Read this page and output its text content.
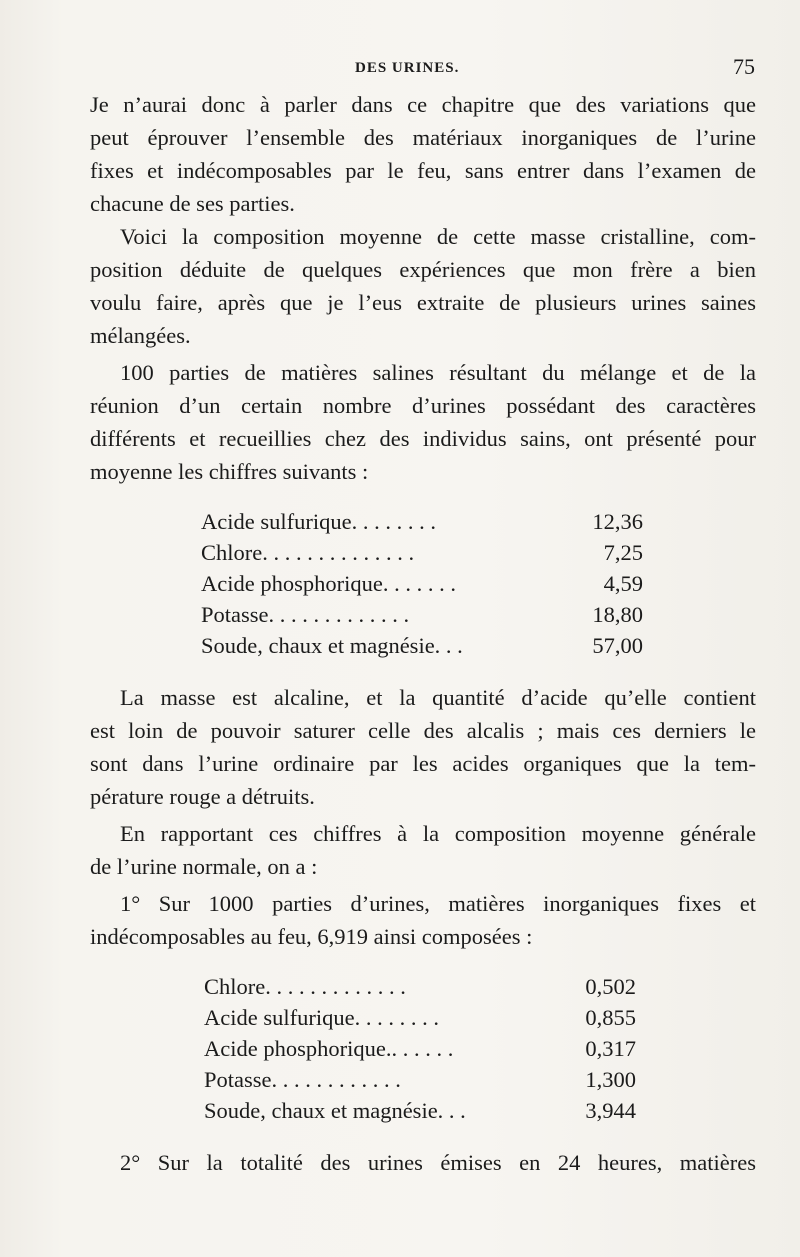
DES URINES.	75
Je n’aurai donc à parler dans ce chapitre que des variations que
peut éprouver l’ensemble des matériaux inorganiques de l’urine
fixes et indécomposables par le feu, sans entrer dans l’examen de
chacune de ses parties.
Voici la composition moyenne de cette masse cristalline, com-
position déduite de quelques expériences que mon frère a bien
voulu faire, après que je l’eus extraite de plusieurs urines saines
mélangées.
100 parties de matières salines résultant du mélange et de la
réunion d’un certain nombre d’urines possédant des caractères
différents et recueillies chez des individus sains, ont présenté pour
moyenne les chiffres suivants :
Acide sulfurique. . . . . . . .	12,36
Chlore. . . . . . . . . . . . . .	7,25
Acide phosphorique. . . . . . .	4,59
Potasse. . . . . . . . . . . . .	18,80
Soude, chaux et magnésie. . .	57,00
La masse est alcaline, et la quantité d’acide qu’elle contient
est loin de pouvoir saturer celle des alcalis ; mais ces derniers le
sont dans l’urine ordinaire par les acides organiques que la tem-
pérature rouge a détruits.
En rapportant ces chiffres à la composition moyenne générale
de l’urine normale, on a :
1° Sur 1000 parties d’urines, matières inorganiques fixes et
indécomposables au feu, 6,919 ainsi composées :
Chlore. . . . . . . . . . . . .	0,502
Acide sulfurique. . . . . . . .	0,855
Acide phosphorique.. . . . . .	0,317
Potasse. . . . . . . . . . . .	1,300
Soude, chaux et magnésie. . .	3,944
2° Sur la totalité des urines émises en 24 heures, matières
